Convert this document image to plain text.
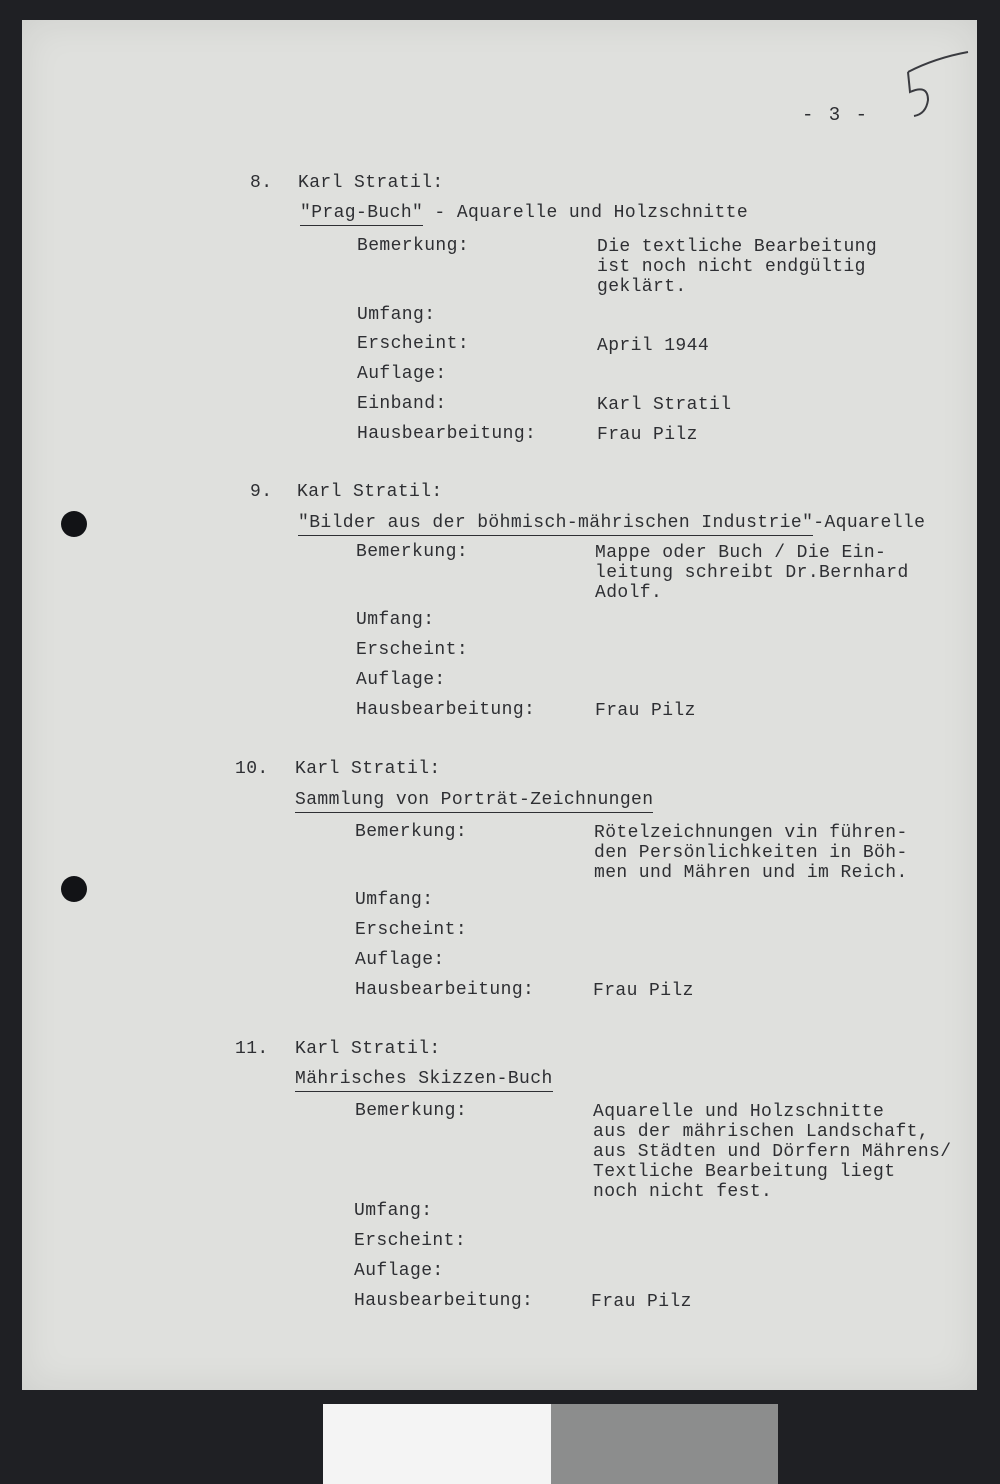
- 3 -
8. Karl Stratil:
"Prag-Buch" - Aquarelle und Holzschnitte
Bemerkung:	Die textliche Bearbeitung
ist noch nicht endgültig
geklärt.
Umfang:
Erscheint:	April 1944
Auflage:
Einband:	Karl Stratil
Hausbearbeitung:	Frau Pilz
9. Karl Stratil:
"Bilder aus der böhmisch-mährischen Industrie"-Aquarelle
Bemerkung:	Mappe oder Buch / Die Ein-
leitung schreibt Dr.Bernhard
Adolf.
Umfang:
Erscheint:
Auflage:
Hausbearbeitung:	Frau Pilz
10. Karl Stratil:
Sammlung von Porträt-Zeichnungen
Bemerkung:	Rötelzeichnungen vin führen-
den Persönlichkeiten in Böh-
men und Mähren und im Reich.
Umfang:
Erscheint:
Auflage:
Hausbearbeitung:	Frau Pilz
11. Karl Stratil:
Mährisches Skizzen-Buch
Bemerkung:	Aquarelle und Holzschnitte
aus der mährischen Landschaft,
aus Städten und Dörfern Mährens/
Textliche Bearbeitung liegt
noch nicht fest.
Umfang:
Erscheint:
Auflage:
Hausbearbeitung:	Frau Pilz
